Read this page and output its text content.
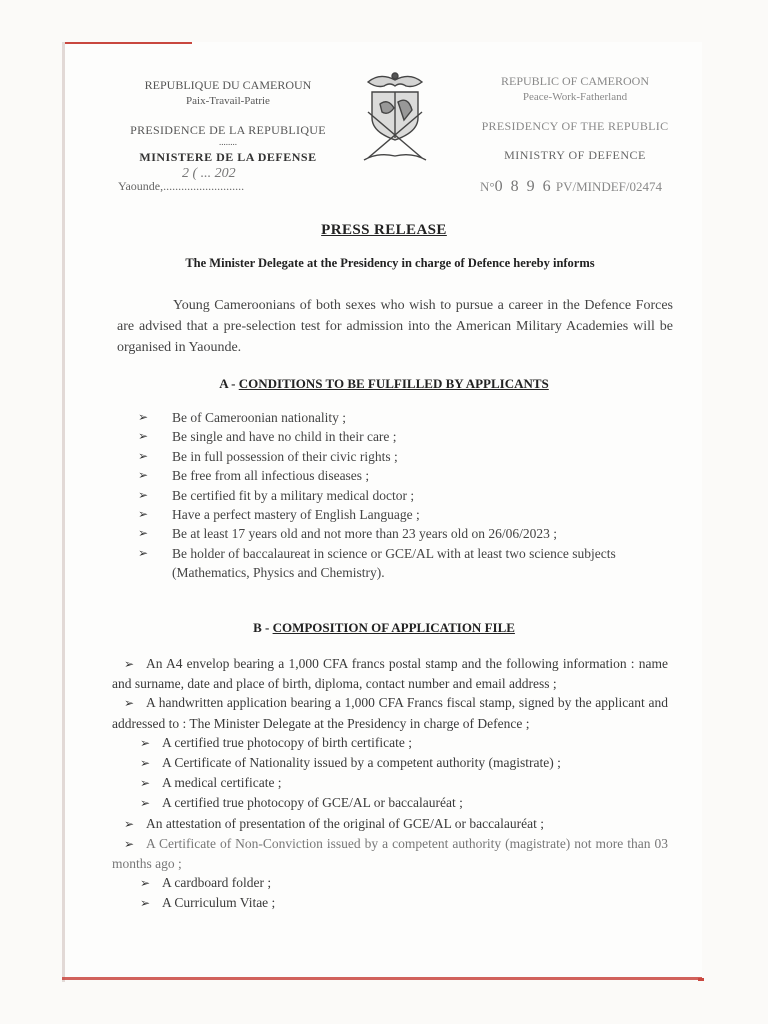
REPUBLIQUE DU CAMEROUN
Paix-Travail-Patrie
PRESIDENCE DE LA REPUBLIQUE
........
MINISTERE DE LA DEFENSE
2 ( ... 202
Yaounde,...........................
REPUBLIC OF CAMEROON
Peace-Work-Fatherland
PRESIDENCY OF THE REPUBLIC
MINISTRY OF DEFENCE
N°0 8 9 6 PV/MINDEF/02474
PRESS RELEASE
The Minister Delegate at the Presidency in charge of Defence hereby informs
Young Cameroonians of both sexes who wish to pursue a career in the Defence Forces are advised that a pre-selection test for admission into the American Military Academies will be organised in Yaounde.
A - CONDITIONS TO BE FULFILLED BY APPLICANTS
➢ Be of Cameroonian nationality ;
➢ Be single and have no child in their care ;
➢ Be in full possession of their civic rights ;
➢ Be free from all infectious diseases ;
➢ Be certified fit by a military medical doctor ;
➢ Have a perfect mastery of English Language ;
➢ Be at least 17 years old and not more than 23 years old on 26/06/2023 ;
➢ Be holder of baccalaureat in science or GCE/AL with at least two science subjects (Mathematics, Physics and Chemistry).
B - COMPOSITION OF APPLICATION FILE
➢ An A4 envelop bearing a 1,000 CFA francs postal stamp and the following information : name and surname, date and place of birth, diploma, contact number and email address ;
➢ A handwritten application bearing a 1,000 CFA Francs fiscal stamp, signed by the applicant and addressed to : The Minister Delegate at the Presidency in charge of Defence ;
➢ A certified true photocopy of birth certificate ;
➢ A Certificate of Nationality issued by a competent authority (magistrate) ;
➢ A medical certificate ;
➢ A certified true photocopy of GCE/AL or baccalauréat ;
➢ An attestation of presentation of the original of GCE/AL or baccalauréat ;
➢ A Certificate of Non-Conviction issued by a competent authority (magistrate) not more than 03 months ago ;
➢ A cardboard folder ;
➢ A Curriculum Vitae ;
